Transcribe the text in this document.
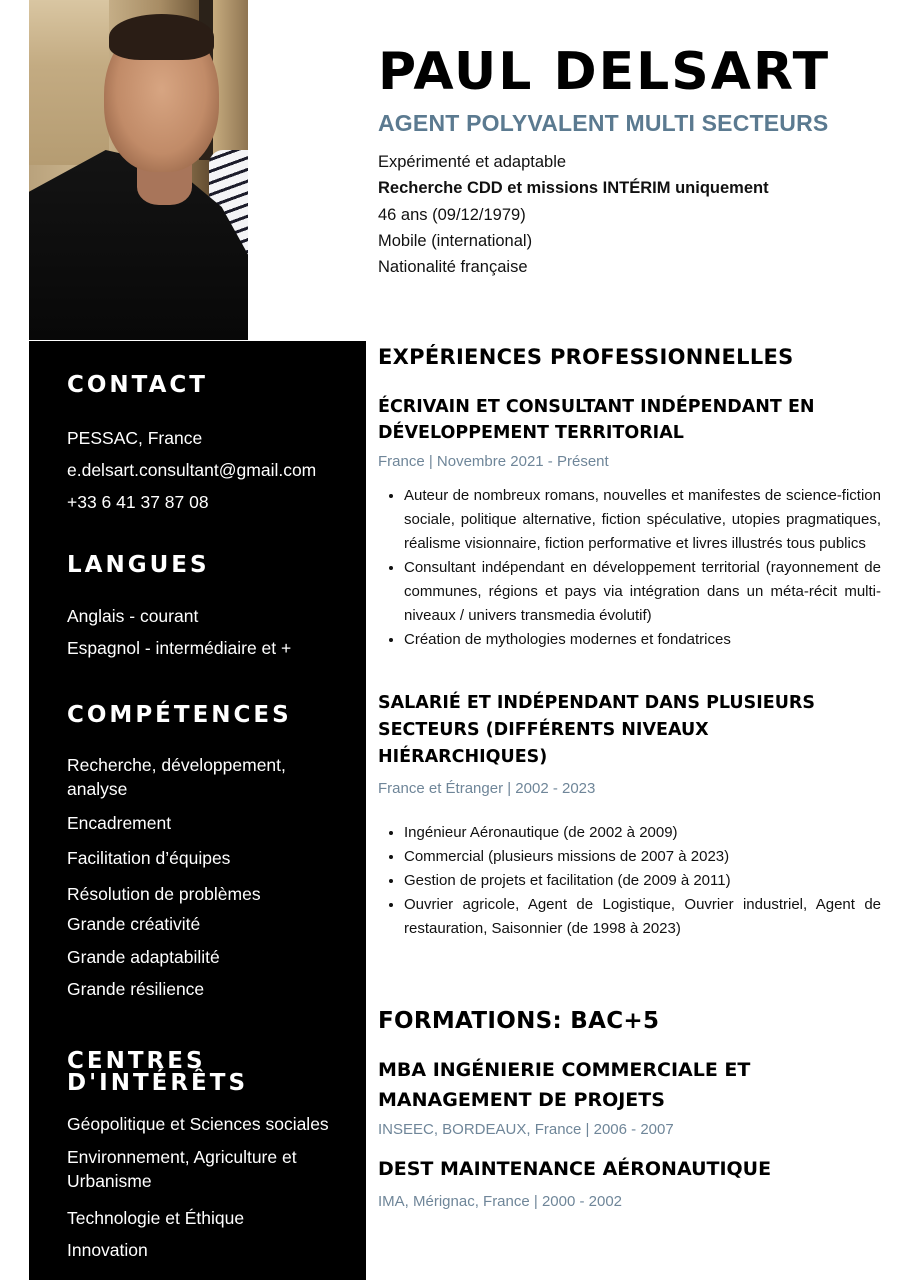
PAUL DELSART
AGENT POLYVALENT MULTI SECTEURS
Expérimenté et adaptable
Recherche CDD et missions INTÉRIM uniquement
46 ans (09/12/1979)
Mobile (international)
Nationalité française
CONTACT
PESSAC, France
e.delsart.consultant@gmail.com
+33 6 41 37 87 08
LANGUES
Anglais - courant
Espagnol - intermédiaire et +
COMPÉTENCES
Recherche, développement, analyse
Encadrement
Facilitation d’équipes
Résolution de problèmes
Grande créativité
Grande adaptabilité
Grande résilience
CENTRES
D'INTÉRÊTS
Géopolitique et Sciences sociales
Environnement, Agriculture et Urbanisme
Technologie et Éthique
Innovation
EXPÉRIENCES PROFESSIONNELLES
ÉCRIVAIN ET CONSULTANT INDÉPENDANT EN DÉVELOPPEMENT TERRITORIAL
France | Novembre 2021 - Présent
• Auteur de nombreux romans, nouvelles et manifestes de science-fiction sociale, politique alternative, fiction spéculative, utopies pragmatiques, réalisme visionnaire, fiction performative et livres illustrés tous publics
• Consultant indépendant en développement territorial (rayonnement de communes, régions et pays via intégration dans un méta-récit multi-niveaux / univers transmedia évolutif)
• Création de mythologies modernes et fondatrices
SALARIÉ ET INDÉPENDANT DANS PLUSIEURS SECTEURS (DIFFÉRENTS NIVEAUX HIÉRARCHIQUES)
France et Étranger | 2002 - 2023
• Ingénieur Aéronautique (de 2002 à 2009)
• Commercial (plusieurs missions de 2007 à 2023)
• Gestion de projets et facilitation (de 2009 à 2011)
• Ouvrier agricole, Agent de Logistique, Ouvrier industriel, Agent de restauration, Saisonnier (de 1998 à 2023)
FORMATIONS: BAC+5
MBA INGÉNIERIE COMMERCIALE ET MANAGEMENT DE PROJETS
INSEEC, BORDEAUX, France | 2006 - 2007
DEST MAINTENANCE AÉRONAUTIQUE
IMA, Mérignac, France | 2000 - 2002
